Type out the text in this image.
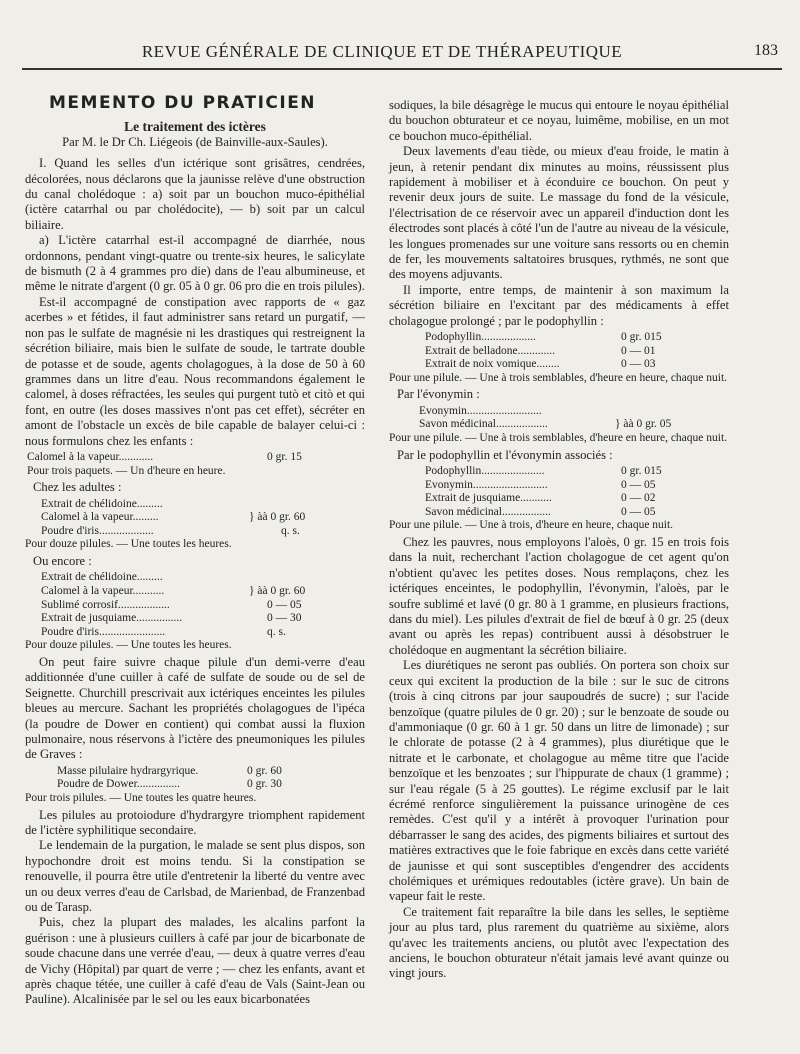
REVUE GÉNÉRALE DE CLINIQUE ET DE THÉRAPEUTIQUE	183
MEMENTO DU PRATICIEN
Le traitement des ictères
Par M. le Dr Ch. Liégeois (de Bainville-aux-Saules).

I. Quand les selles d'un ictérique sont grisâtres, cendrées, décolorées, nous déclarons que la jaunisse relève d'une obstruction du canal cholédoque : a) soit par un bouchon muco-épithélial (ictère catarrhal ou par cholédocite), — b) soit par un calcul biliaire.

a) L'ictère catarrhal est-il accompagné de diarrhée, nous ordonnons, pendant vingt-quatre ou trente-six heures, le salicylate de bismuth (2 à 4 grammes pro die) dans de l'eau albumineuse, et même le nitrate d'argent (0 gr. 05 à 0 gr. 06 pro die en trois pilules).

Est-il accompagné de constipation avec rapports de « gaz acerbes » et fétides, il faut administrer sans retard un purgatif, — non pas le sulfate de magnésie ni les drastiques qui restreignent la sécrétion biliaire, mais bien le sulfate de soude, le tartrate double de potasse et de soude, agents cholagogues, à la dose de 50 à 60 grammes dans un litre d'eau. Nous recommandons également le calomel, à doses réfractées, les seules qui purgent tutò et citò et qui font, en outre (les doses massives n'ont pas cet effet), sécréter en amont de l'obstacle un excès de bile capable de balayer celui-ci : nous formulons chez les enfants :

Calomel à la vapeur............	0 gr. 15
Pour trois paquets. — Un d'heure en heure.

Chez les adultes :

Extrait de chélidoine.........
Calomel à la vapeur.........	} àà 0 gr. 60
Poudre d'iris...................	q. s.
Pour douze pilules. — Une toutes les heures.

Ou encore :

Extrait de chélidoine.........
Calomel à la vapeur...........	} àà 0 gr. 60
Sublimé corrosif..................	0 — 05
Extrait de jusquiame................	0 — 30
Poudre d'iris.......................	q. s.
Pour douze pilules. — Une toutes les heures.

On peut faire suivre chaque pilule d'un demi-verre d'eau additionnée d'une cuiller à café de sulfate de soude ou de sel de Seignette. Churchill prescrivait aux ictériques enceintes les pilules bleues au mercure. Sachant les propriétés cholagogues de l'ipéca (la poudre de Dower en contient) qui combat aussi la fluxion pulmonaire, nous réservons à l'ictère des pneumoniques les pilules de Graves :

Masse pilulaire hydrargyrique.	0 gr. 60
Poudre de Dower...............	0 gr. 30
Pour trois pilules. — Une toutes les quatre heures.

Les pilules au protoiodure d'hydrargyre triomphent rapidement de l'ictère syphilitique secondaire.

Le lendemain de la purgation, le malade se sent plus dispos, son hypochondre droit est moins tendu. Si la constipation se renouvelle, il pourra être utile d'entretenir la liberté du ventre avec un ou deux verres d'eau de Carlsbad, de Marienbad, de Franzenbad ou de Tarasp.

Puis, chez la plupart des malades, les alcalins parfont la guérison : une à plusieurs cuillers à café par jour de bicarbonate de soude chacune dans une verrée d'eau, — deux à quatre verres d'eau de Vichy (Hôpital) par quart de verre ; — chez les enfants, avant et après chaque tétée, une cuiller à café d'eau de Vals (Saint-Jean ou Pauline). Alcalinisée par le sel ou les eaux bicarbonatées

sodiques, la bile désagrège le mucus qui entoure le noyau épithélial du bouchon obturateur et ce noyau, luimême, mobilise, en un mot ce bouchon muco-épithélial.

Deux lavements d'eau tiède, ou mieux d'eau froide, le matin à jeun, à retenir pendant dix minutes au moins, réussissent plus rapidement à mobiliser et à éconduire ce bouchon. On peut y revenir deux jours de suite. Le massage du fond de la vésicule, l'électrisation de ce réservoir avec un appareil d'induction dont les électrodes sont placés à côté l'un de l'autre au niveau de la vésicule, les longues promenades sur une voiture sans ressorts ou en chemin de fer, les mouvements saltatoires brusques, rythmés, ne sont que des moyens adjuvants.

Il importe, entre temps, de maintenir à son maximum la sécrétion biliaire en l'excitant par des médicaments à effet cholagogue prolongé ; par le podophyllin :

Podophyllin...................	0 gr. 015
Extrait de belladone.............	0 — 01
Extrait de noix vomique........	0 — 03
Pour une pilule. — Une à trois semblables, d'heure en heure, chaque nuit.

Par l'évonymin :

Evonymin..........................
Savon médicinal..................	} àà 0 gr. 05
Pour une pilule. — Une à trois semblables, d'heure en heure, chaque nuit.

Par le podophyllin et l'évonymin associés :

Podophyllin......................	0 gr. 015
Evonymin..........................	0 — 05
Extrait de jusquiame...........	0 — 02
Savon médicinal.................	0 — 05
Pour une pilule. — Une à trois, d'heure en heure, chaque nuit.

Chez les pauvres, nous employons l'aloès, 0 gr. 15 en trois fois dans la nuit, recherchant l'action cholagogue de cet agent qu'on n'obtient qu'avec les petites doses. Nous remplaçons, chez les ictériques enceintes, le podophyllin, l'évonymin, l'aloès, par le soufre sublimé et lavé (0 gr. 80 à 1 gramme, en plusieurs fractions, dans du miel). Les pilules d'extrait de fiel de bœuf à 0 gr. 25 (deux avant ou après les repas) contribuent aussi à désobstruer le cholédoque en augmentant la sécrétion biliaire.

Les diurétiques ne seront pas oubliés. On portera son choix sur ceux qui excitent la production de la bile : sur le suc de citrons (trois à cinq citrons par jour saupoudrés de sucre) ; sur l'acide benzoïque (quatre pilules de 0 gr. 20) ; sur le benzoate de soude ou d'ammoniaque (0 gr. 60 à 1 gr. 50 dans un litre de limonade) ; sur le chlorate de potasse (2 à 4 grammes), plus diurétique que le nitrate et le carbonate, et cholagogue au même titre que l'acide benzoïque et les benzoates ; sur l'hippurate de chaux (1 gramme) ; sur l'eau régale (5 à 25 gouttes). Le régime exclusif par le lait écrémé renforce singulièrement la puissance urinogène de ces remèdes. C'est qu'il y a intérêt à provoquer l'urination pour débarrasser le sang des acides, des pigments biliaires et surtout des matières extractives que le foie fabrique en excès dans cette variété de jaunisse et qui sont susceptibles d'engendrer des accidents cholémiques et urémiques redoutables (ictère grave). Un bain de vapeur fait le reste.

Ce traitement fait reparaître la bile dans les selles, le septième jour au plus tard, plus rarement du quatrième au sixième, alors qu'avec les traitements anciens, ou plutôt avec l'expectation des anciens, le bouchon obturateur n'était jamais levé avant quinze ou vingt jours.
